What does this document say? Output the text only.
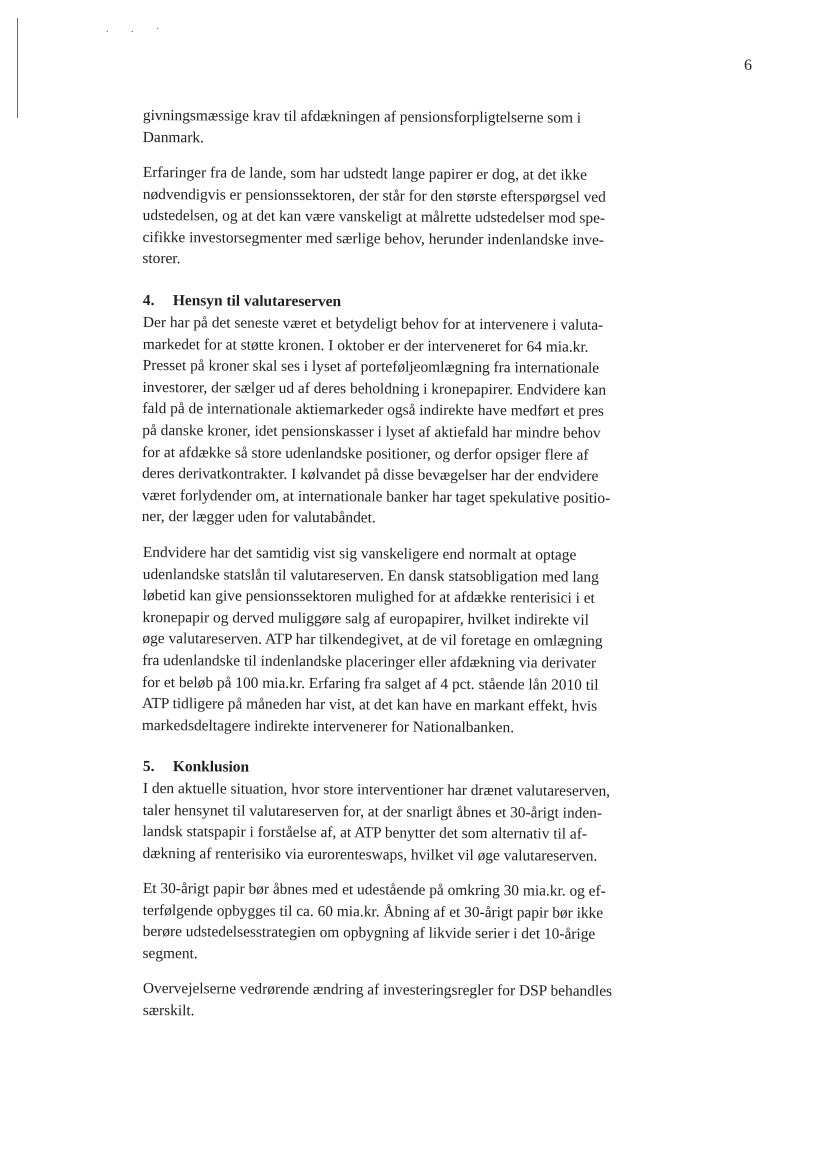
. . ·
6

givningsmæssige krav til afdækningen af pensionsforpligtelserne som i
Danmark.

Erfaringer fra de lande, som har udstedt lange papirer er dog, at det ikke
nødvendigvis er pensionssektoren, der står for den største efterspørgsel ved
udstedelsen, og at det kan være vanskeligt at målrette udstedelser mod spe-
cifikke investorsegmenter med særlige behov, herunder indenlandske inve-
storer.

4. Hensyn til valutareserven

Der har på det seneste været et betydeligt behov for at intervenere i valuta-
markedet for at støtte kronen. I oktober er der interveneret for 64 mia.kr.
Presset på kroner skal ses i lyset af porteføljeomlægning fra internationale
investorer, der sælger ud af deres beholdning i kronepapirer. Endvidere kan
fald på de internationale aktiemarkeder også indirekte have medført et pres
på danske kroner, idet pensionskasser i lyset af aktiefald har mindre behov
for at afdække så store udenlandske positioner, og derfor opsiger flere af
deres derivatkontrakter. I kølvandet på disse bevægelser har der endvidere
været forlydender om, at internationale banker har taget spekulative positio-
ner, der lægger uden for valutabåndet.

Endvidere har det samtidig vist sig vanskeligere end normalt at optage
udenlandske statslån til valutareserven. En dansk statsobligation med lang
løbetid kan give pensionssektoren mulighed for at afdække renterisici i et
kronepapir og derved muliggøre salg af europapirer, hvilket indirekte vil
øge valutareserven. ATP har tilkendegivet, at de vil foretage en omlægning
fra udenlandske til indenlandske placeringer eller afdækning via derivater
for et beløb på 100 mia.kr. Erfaring fra salget af 4 pct. stående lån 2010 til
ATP tidligere på måneden har vist, at det kan have en markant effekt, hvis
markedsdeltagere indirekte intervenerer for Nationalbanken.

5. Konklusion

I den aktuelle situation, hvor store interventioner har drænet valutareserven,
taler hensynet til valutareserven for, at der snarligt åbnes et 30-årigt inden-
landsk statspapir i forståelse af, at ATP benytter det som alternativ til af-
dækning af renterisiko via eurorenteswaps, hvilket vil øge valutareserven.

Et 30-årigt papir bør åbnes med et udestående på omkring 30 mia.kr. og ef-
terfølgende opbygges til ca. 60 mia.kr. Åbning af et 30-årigt papir bør ikke
berøre udstedelsesstrategien om opbygning af likvide serier i det 10-årige
segment.

Overvejelserne vedrørende ændring af investeringsregler for DSP behandles
særskilt.
